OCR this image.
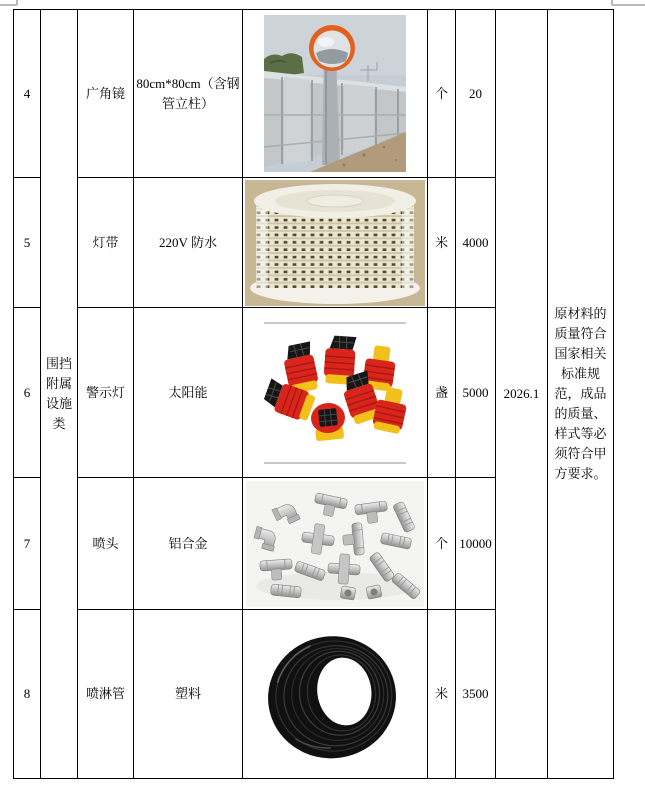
4	围挡附属设施类	广角镜	80cm*80cm（含钢管立柱）		个	20	2026.1	原材料的质量符合国家相关标准规范，成品的质量、样式等必须符合甲方要求。
5		灯带	220V 防水		米	4000		
6		警示灯	太阳能		盏	5000		
7		喷头	铝合金		个	10000		
8		喷淋管	塑料		米	3500		
